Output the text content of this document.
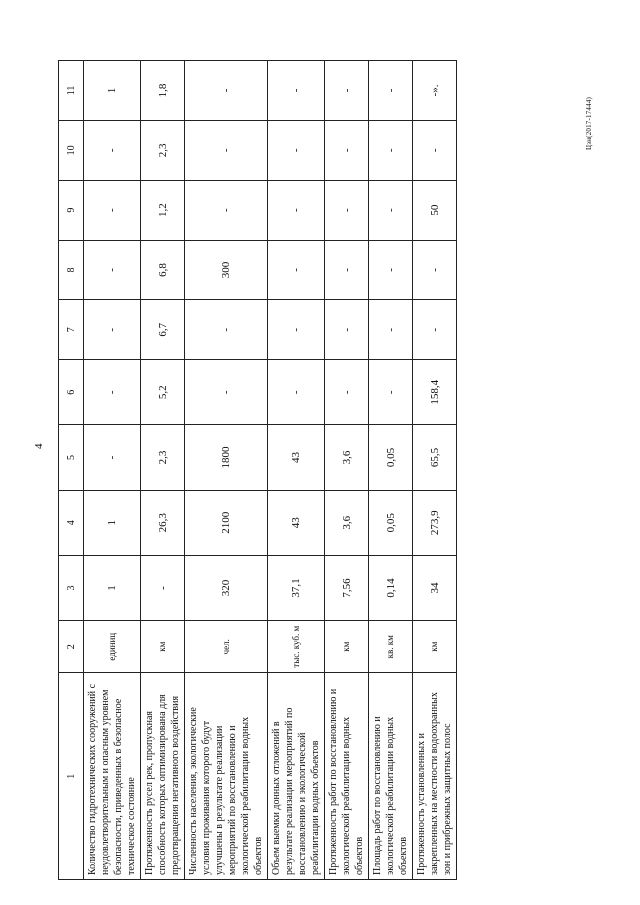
4
Цзн(2017-17444)
1	2	3	4	5	6	7	8	9	10	11
Количество гидротехнических сооружений с неудовлетворительным и опасным уровнем безопасности, приведенных в безопасное техническое состояние	единиц	1	1	-	-	-	-	-	-	1
Протяженность русел рек, пропускная способность которых оптимизирована для предотвращения негативного воздействия	км	-	26,3	2,3	5,2	6,7	6,8	1,2	2,3	1,8
Численность населения, экологические условия проживания которого будут улучшены в результате реализации мероприятий по восстановлению и экологической реабилитации водных объектов	чел.	320	2100	1800	-	-	300	-	-	-
Объем выемки донных отложений в результате реализации мероприятий по восстановлению и экологической реабилитации водных объектов	тыс. куб. м	37,1	43	43	-	-	-	-	-	-
Протяженность работ по восстановлению и экологической реабилитации водных объектов	км	7,56	3,6	3,6	-	-	-	-	-	-
Площадь работ по восстановлению и экологической реабилитации водных объектов	кв. км	0,14	0,05	0,05	-	-	-	-	-	-
Протяженность установленных и закрепленных на местности водоохранных зон и прибрежных защитных полос	км	34	273,9	65,5	158,4	-	-	50	-	-».
